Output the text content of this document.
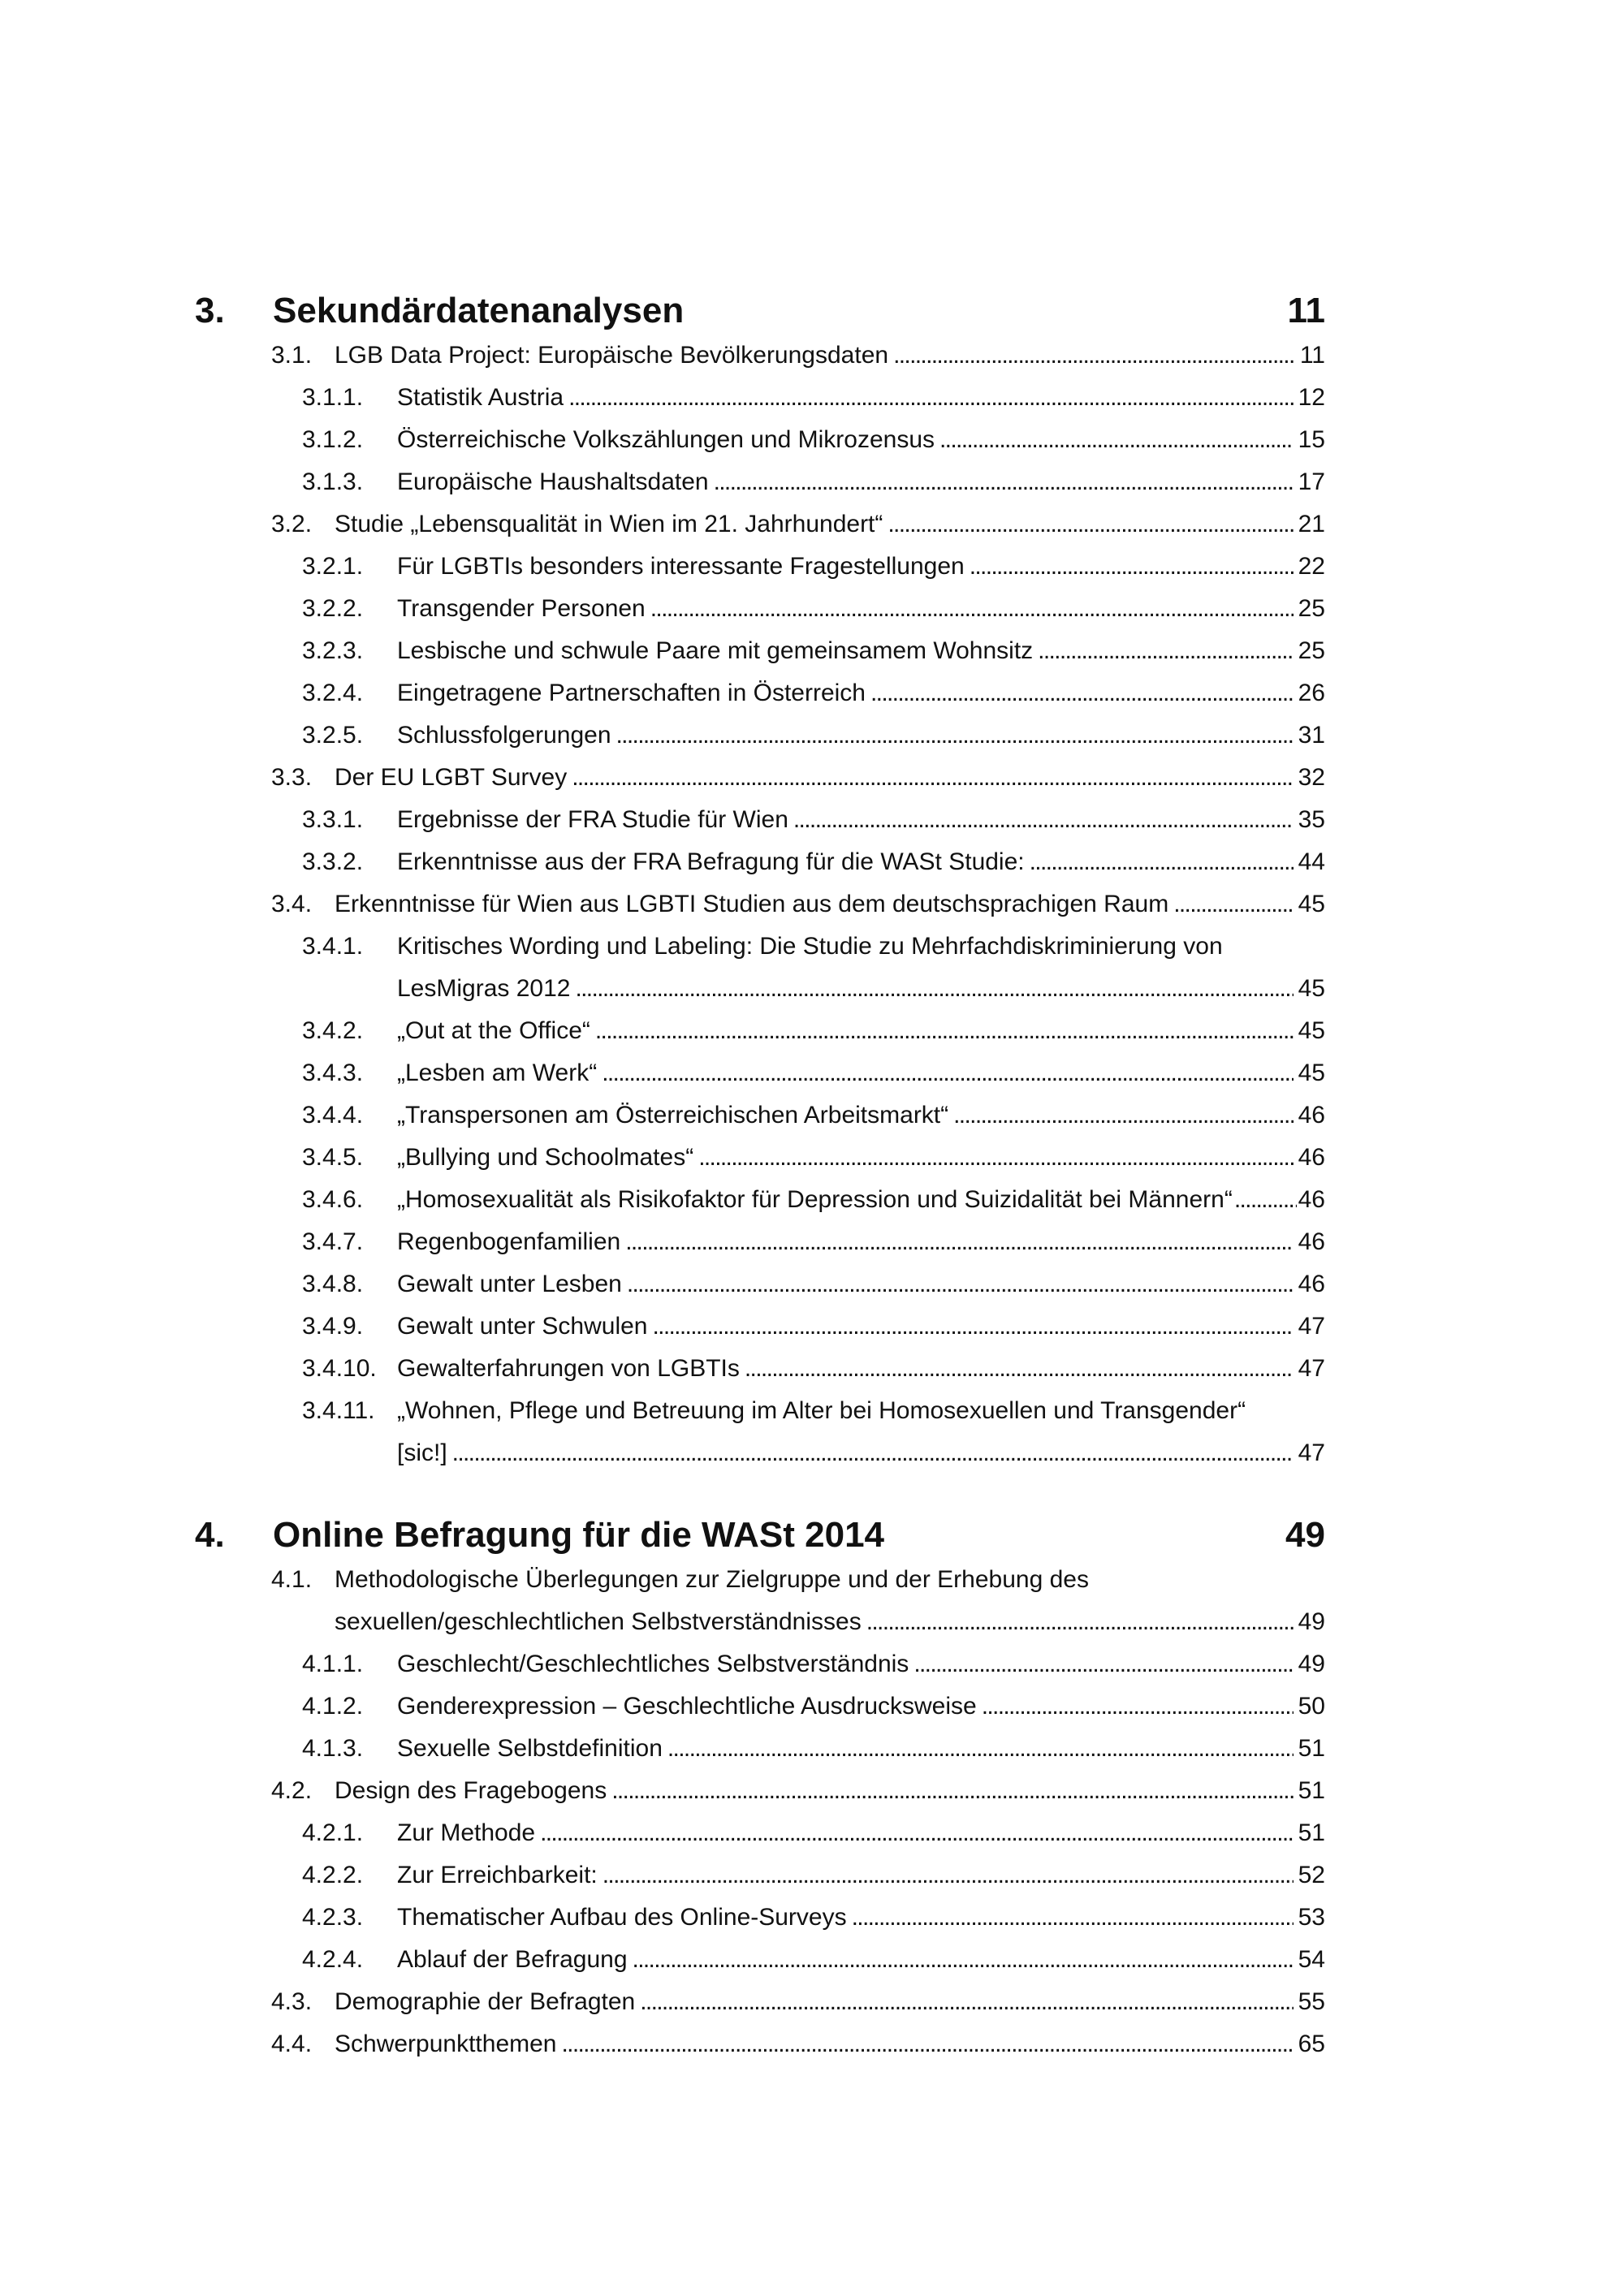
3. Sekundärdatenanalysen	11
3.1. LGB Data Project: Europäische Bevölkerungsdaten . . .	11
3.1.1.	Statistik Austria . . .	12
3.1.2.	Österreichische Volkszählungen und Mikrozensus . . .	15
3.1.3.	Europäische Haushaltsdaten . . .	17
3.2. Studie „Lebensqualität in Wien im 21. Jahrhundert“ . . .	21
3.2.1.	Für LGBTIs besonders interessante Fragestellungen . . .	22
3.2.2.	Transgender Personen . . .	25
3.2.3.	Lesbische und schwule Paare mit gemeinsamem Wohnsitz . . .	25
3.2.4.	Eingetragene Partnerschaften in Österreich . . .	26
3.2.5.	Schlussfolgerungen . . .	31
3.3. Der EU LGBT Survey . . .	32
3.3.1.	Ergebnisse der FRA Studie für Wien . . .	35
3.3.2.	Erkenntnisse aus der FRA Befragung für die WASt Studie: . . .	44
3.4. Erkenntnisse für Wien aus LGBTI Studien aus dem deutschsprachigen Raum . . .	45
3.4.1. Kritisches Wording und Labeling: Die Studie zu Mehrfachdiskriminierung von
LesMigras 2012 . . .	45
3.4.2.	„Out at the Office“ . . .	45
3.4.3.	„Lesben am Werk“ . . .	45
3.4.4.	„Transpersonen am Österreichischen Arbeitsmarkt“ . . .	46
3.4.5.	„Bullying und Schoolmates“ . . .	46
3.4.6.	„Homosexualität als Risikofaktor für Depression und Suizidalität bei Männern“ . . .	46
3.4.7.	Regenbogenfamilien . . .	46
3.4.8.	Gewalt unter Lesben . . .	46
3.4.9.	Gewalt unter Schwulen . . .	47
3.4.10. Gewalterfahrungen von LGBTIs . . .	47
3.4.11. „Wohnen, Pflege und Betreuung im Alter bei Homosexuellen und Transgender“
[sic!] . . .	47
4. Online Befragung für die WASt 2014	49
4.1. Methodologische Überlegungen zur Zielgruppe und der Erhebung des
sexuellen/geschlechtlichen Selbstverständnisses . . .	49
4.1.1.	Geschlecht/Geschlechtliches Selbstverständnis . . .	49
4.1.2.	Genderexpression – Geschlechtliche Ausdrucksweise . . .	50
4.1.3.	Sexuelle Selbstdefinition . . .	51
4.2. Design des Fragebogens . . .	51
4.2.1.	Zur Methode . . .	51
4.2.2.	Zur Erreichbarkeit: . . .	52
4.2.3.	Thematischer Aufbau des Online-Surveys . . .	53
4.2.4.	Ablauf der Befragung . . .	54
4.3. Demographie der Befragten . . .	55
4.4. Schwerpunktthemen . . .	65
